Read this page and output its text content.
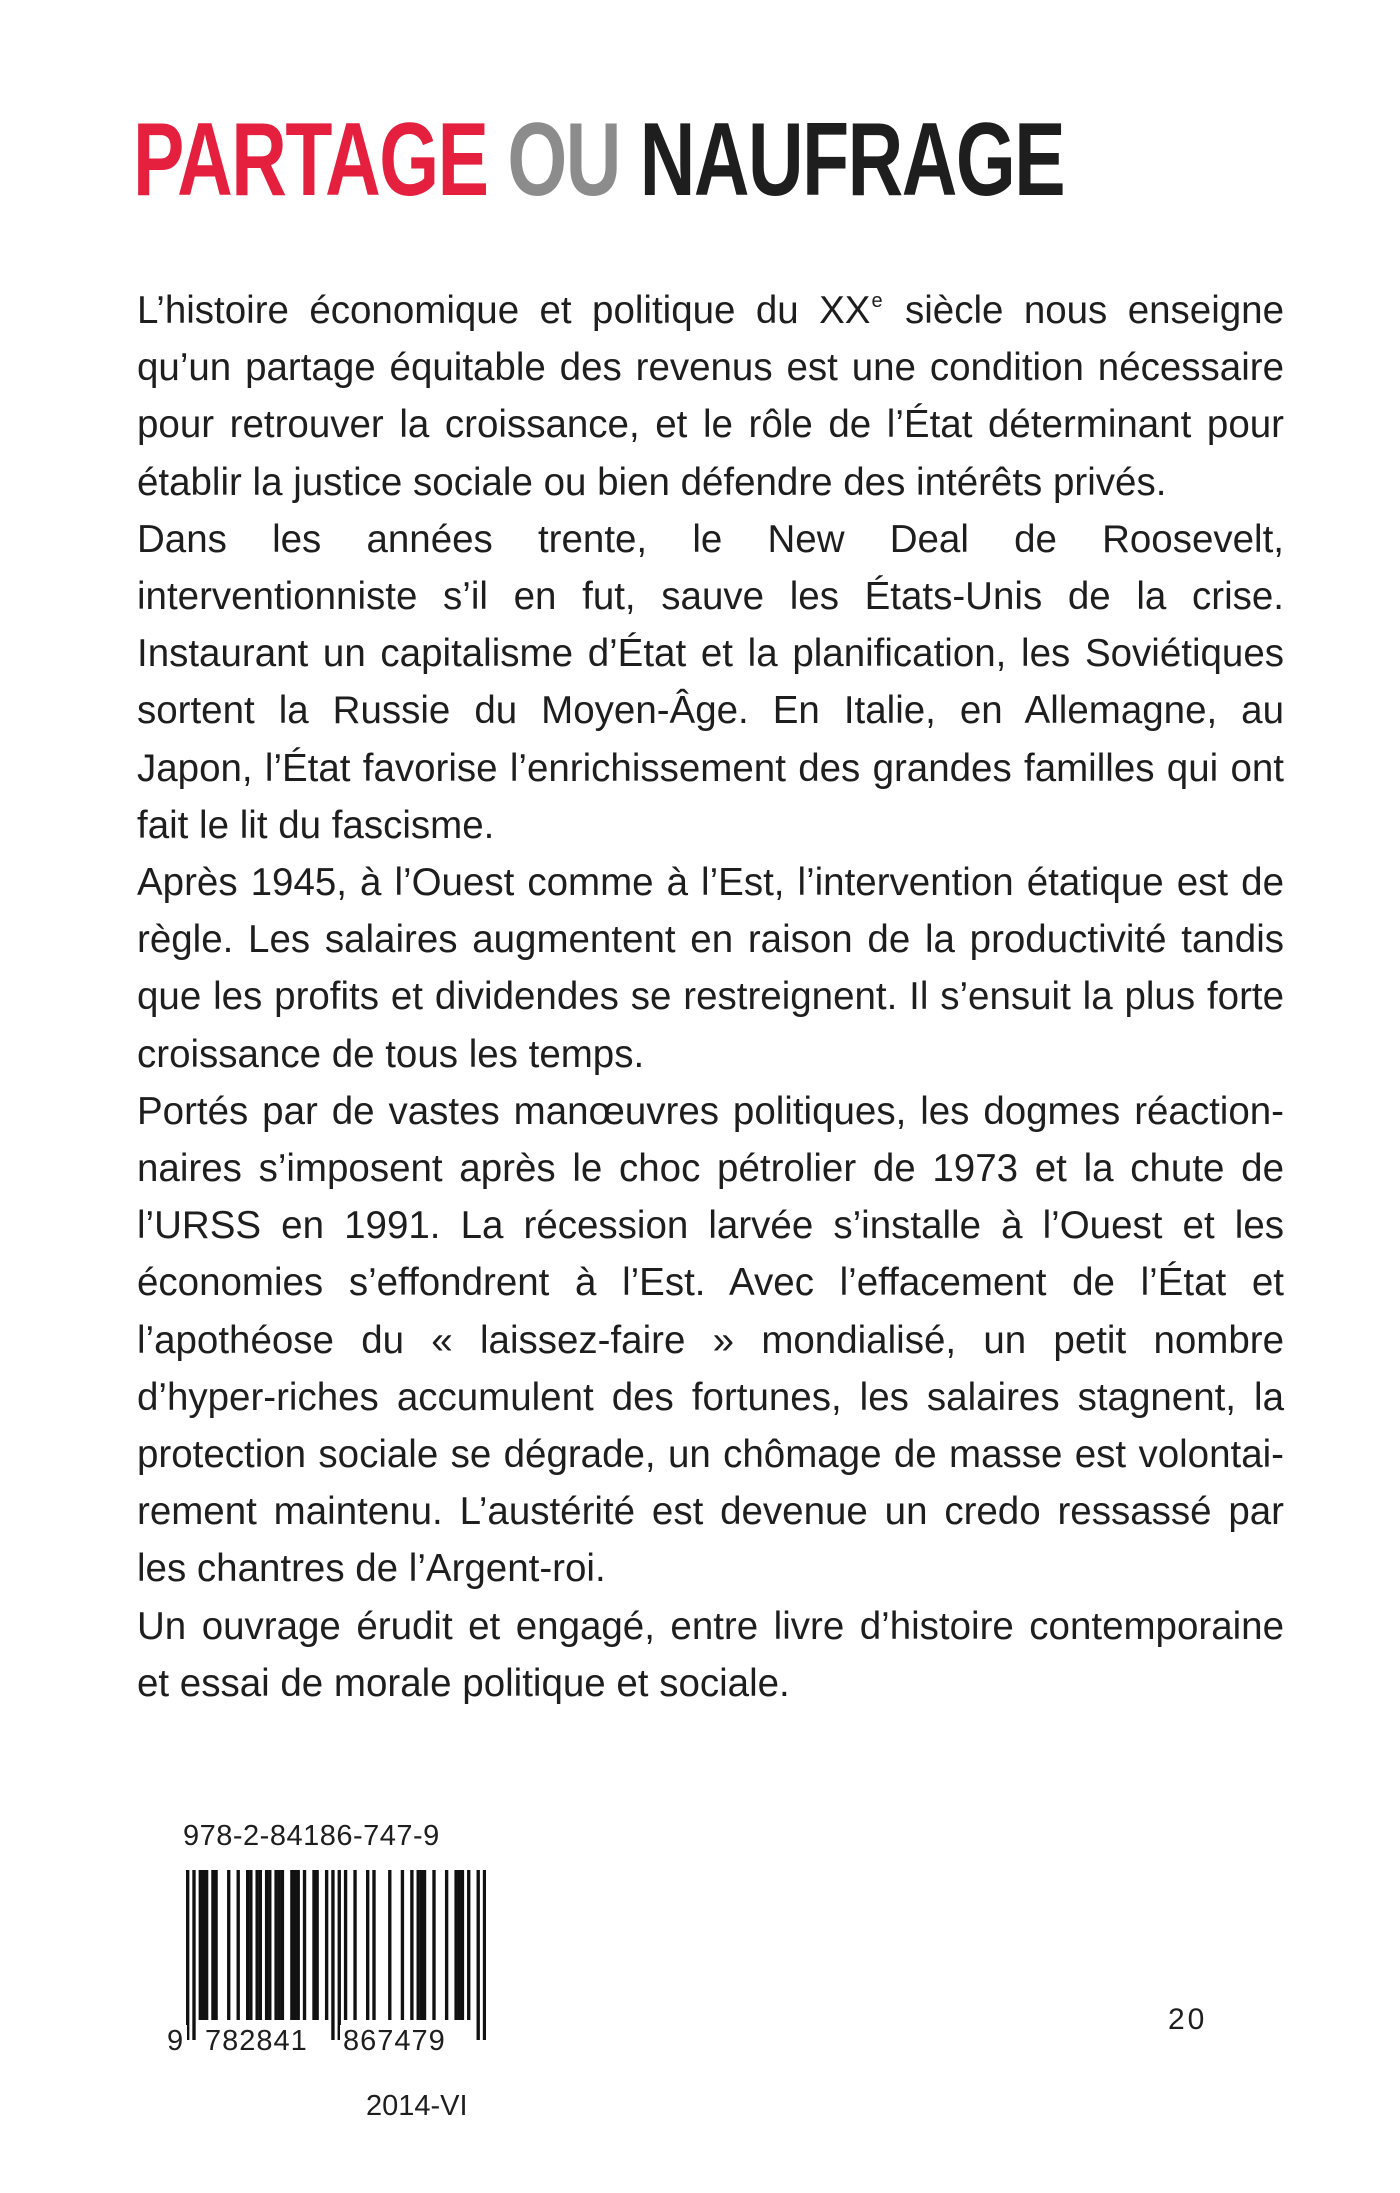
PARTAGE OU NAUFRAGE

L’histoire économique et politique du XXe siècle nous enseigne qu’un partage équitable des revenus est une condition nécessaire pour retrouver la croissance, et le rôle de l’État déterminant pour établir la justice sociale ou bien défendre des intérêts privés.

Dans les années trente, le New Deal de Roosevelt, interventionniste s’il en fut, sauve les États-Unis de la crise. Instaurant un capitalisme d’État et la planification, les Soviétiques sortent la Russie du Moyen-Âge. En Italie, en Allemagne, au Japon, l’État favorise l’enrichissement des grandes familles qui ont fait le lit du fascisme.

Après 1945, à l’Ouest comme à l’Est, l’intervention étatique est de règle. Les salaires augmentent en raison de la productivité tandis que les profits et dividendes se restreignent. Il s’ensuit la plus forte croissance de tous les temps.

Portés par de vastes manœuvres politiques, les dogmes réactionnaires s’imposent après le choc pétrolier de 1973 et la chute de l’URSS en 1991. La récession larvée s’installe à l’Ouest et les économies s’effondrent à l’Est. Avec l’effacement de l’État et l’apothéose du « laissez-faire » mondialisé, un petit nombre d’hyper-riches accumulent des fortunes, les salaires stagnent, la protection sociale se dégrade, un chômage de masse est volontairement maintenu. L’austérité est devenue un credo ressassé par les chantres de l’Argent-roi.

Un ouvrage érudit et engagé, entre livre d’histoire contemporaine et essai de morale politique et sociale.

978-2-84186-747-9
9 782841 867479
20
2014-VI
